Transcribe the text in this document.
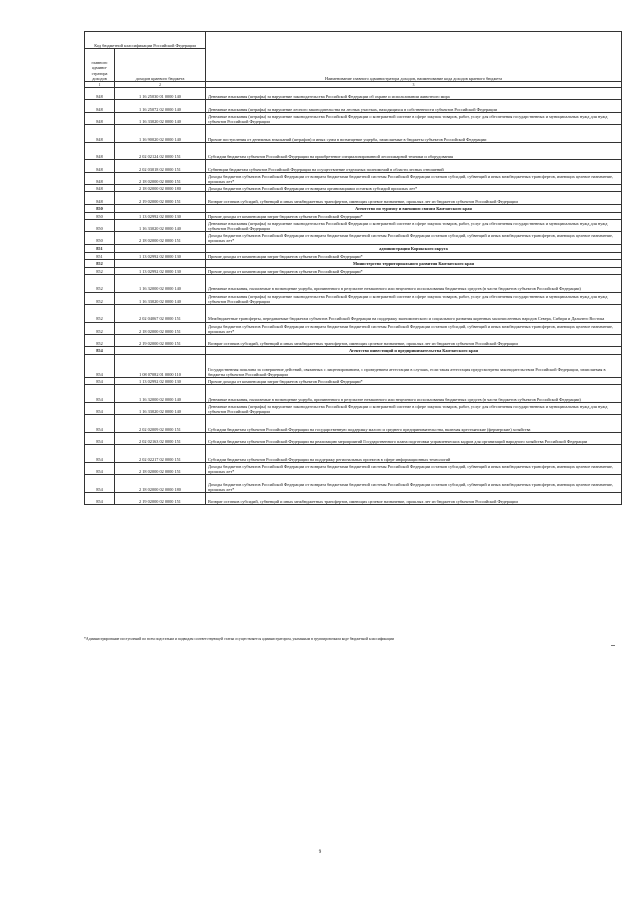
Код бюджетной классификации Российской Федерации		Наименование главного администратора доходов, наименование кода доходов краевого бюджета
главного админи-стратора доходов	доходов краевого бюджета	
1	2	3
848	1 16 25030 01 0000 140	Денежные взыскания (штрафы) за нарушение законодательства Российской Федерации об охране и использовании животного мира
848	1 16 25072 02 0000 140	Денежные взыскания (штрафы) за нарушение лесного законодательства на лесных участках, находящихся в собственности субъектов Российской Федерации
848	1 16 33020 02 0000 140	Денежные взыскания (штрафы) за нарушение законодательства Российской Федерации о контрактной системе в сфере закупок товаров, работ, услуг для обеспечения государственных и муниципальных нужд для нужд субъектов Российской Федерации
848	1 16 90020 02 0000 140	Прочие поступления от денежных взысканий (штрафов) и иных сумм в возмещение ущерба, зачисляемые в бюджеты субъектов Российской Федерации
848	2 02 02124 02 0000 151	Субсидии бюджетам субъектов Российской Федерации на приобретение специализированной лесопожарной техники и оборудования
848	2 02 03018 02 0000 151	Субвенции бюджетам субъектов Российской Федерации на осуществление отдельных полномочий в области лесных отношений
848	2 18 02000 02 0000 151	Доходы бюджетов субъектов Российской Федерации от возврата бюджетами бюджетной системы Российской Федерации остатков субсидий, субвенций и иных межбюджетных трансфертов, имеющих целевое назначение, прошлых лет*
848	2 18 02000 02 0000 180	Доходы бюджетов субъектов Российской Федерации от возврата организациями остатков субсидий прошлых лет*
848	2 19 02000 02 0000 151	Возврат остатков субсидий, субвенций и иных межбюджетных трансфертов, имеющих целевое назначение, прошлых лет из бюджетов субъектов Российской Федерации
850		Агентство по туризму и внешним связям Камчатского края
850	1 13 02992 02 0000 130	Прочие доходы от компенсации затрат бюджетов субъектов Российской Федерации*
850	1 16 33020 02 0000 140	Денежные взыскания (штрафы) за нарушение законодательства Российской Федерации о контрактной системе в сфере закупок товаров, работ, услуг для обеспечения государственных и муниципальных нужд для нужд субъектов Российской Федерации
850	2 18 02000 02 0000 151	Доходы бюджетов субъектов Российской Федерации от возврата бюджетами бюджетной системы Российской Федерации остатков субсидий, субвенций и иных межбюджетных трансфертов, имеющих целевое назначение, прошлых лет*
851		администрация Корякского округа
851	1 13 02992 02 0000 130	Прочие доходы от компенсации затрат бюджетов субъектов Российской Федерации*
852		Министерство территориального развития Камчатского края
852	1 13 02992 02 0000 130	Прочие доходы от компенсации затрат бюджетов субъектов Российской Федерации*
852	1 16 32000 02 0000 140	Денежные взыскания, налагаемые в возмещение ущерба, причиненного в результате незаконного или нецелевого использования бюджетных средств (в части бюджетов субъектов Российской Федерации)
852	1 16 33020 02 0000 140	Денежные взыскания (штрафы) за нарушение законодательства Российской Федерации о контрактной системе в сфере закупок товаров, работ, услуг для обеспечения государственных и муниципальных нужд для нужд субъектов Российской Федерации
852	2 02 04067 02 0000 151	Межбюджетные трансферты, передаваемые бюджетам субъектов Российской Федерации на поддержку экономического и социального развития коренных малочисленных народов Севера, Сибири и Дальнего Востока
852	2 18 02000 02 0000 151	Доходы бюджетов субъектов Российской Федерации от возврата бюджетами бюджетной системы Российской Федерации остатков субсидий, субвенций и иных межбюджетных трансфертов, имеющих целевое назначение, прошлых лет*
852	2 19 02000 02 0000 151	Возврат остатков субсидий, субвенций и иных межбюджетных трансфертов, имеющих целевое назначение, прошлых лет из бюджетов субъектов Российской Федерации
854		Агентство инвестиций и предпринимательства Камчатского края
854	1 08 07082 01 0000 110	Государственная пошлина за совершение действий, связанных с лицензированием, с проведением аттестации в случаях, если такая аттестация предусмотрена законодательством Российской Федерации, зачисляемая в бюджеты субъектов Российской Федерации
854	1 13 02992 02 0000 130	Прочие доходы от компенсации затрат бюджетов субъектов Российской Федерации*
854	1 16 32000 02 0000 140	Денежные взыскания, налагаемые в возмещение ущерба, причиненного в результате незаконного или нецелевого использования бюджетных средств (в части бюджетов субъектов Российской Федерации)
854	1 16 33020 02 0000 140	Денежные взыскания (штрафы) за нарушение законодательства Российской Федерации о контрактной системе в сфере закупок товаров, работ, услуг для обеспечения государственных и муниципальных нужд для нужд субъектов Российской Федерации
854	2 02 02009 02 0000 151	Субсидии бюджетам субъектов Российской Федерации на государственную поддержку малого и среднего предпринимательства, включая крестьянские (фермерские) хозяйства
854	2 02 02163 02 0000 151	Субсидии бюджетам субъектов Российской Федерации на реализацию мероприятий Государственного плана подготовки управленческих кадров для организаций народного хозяйства Российской Федерации
854	2 02 02217 02 0000 151	Субсидии бюджетам субъектов Российской Федерации на поддержку региональных проектов в сфере информационных технологий
854	2 18 02000 02 0000 151	Доходы бюджетов субъектов Российской Федерации от возврата бюджетами бюджетной системы Российской Федерации остатков субсидий, субвенций и иных межбюджетных трансфертов, имеющих целевое назначение, прошлых лет*
854	2 18 02000 02 0000 180	Доходы бюджетов субъектов Российской Федерации от возврата бюджетами бюджетной системы Российской Федерации остатков субсидий, субвенций и иных межбюджетных трансфертов, имеющих целевое назначение, прошлых лет*
854	2 19 02000 02 0000 151	Возврат остатков субсидий, субвенций и иных межбюджетных трансфертов, имеющих целевое назначение, прошлых лет из бюджетов субъектов Российской Федерации
*Администрирование поступлений по всем подстатьям и подвидам соответствующей статьи осуществляется администратором, указанным в группировочном коде бюджетной классификации
9
